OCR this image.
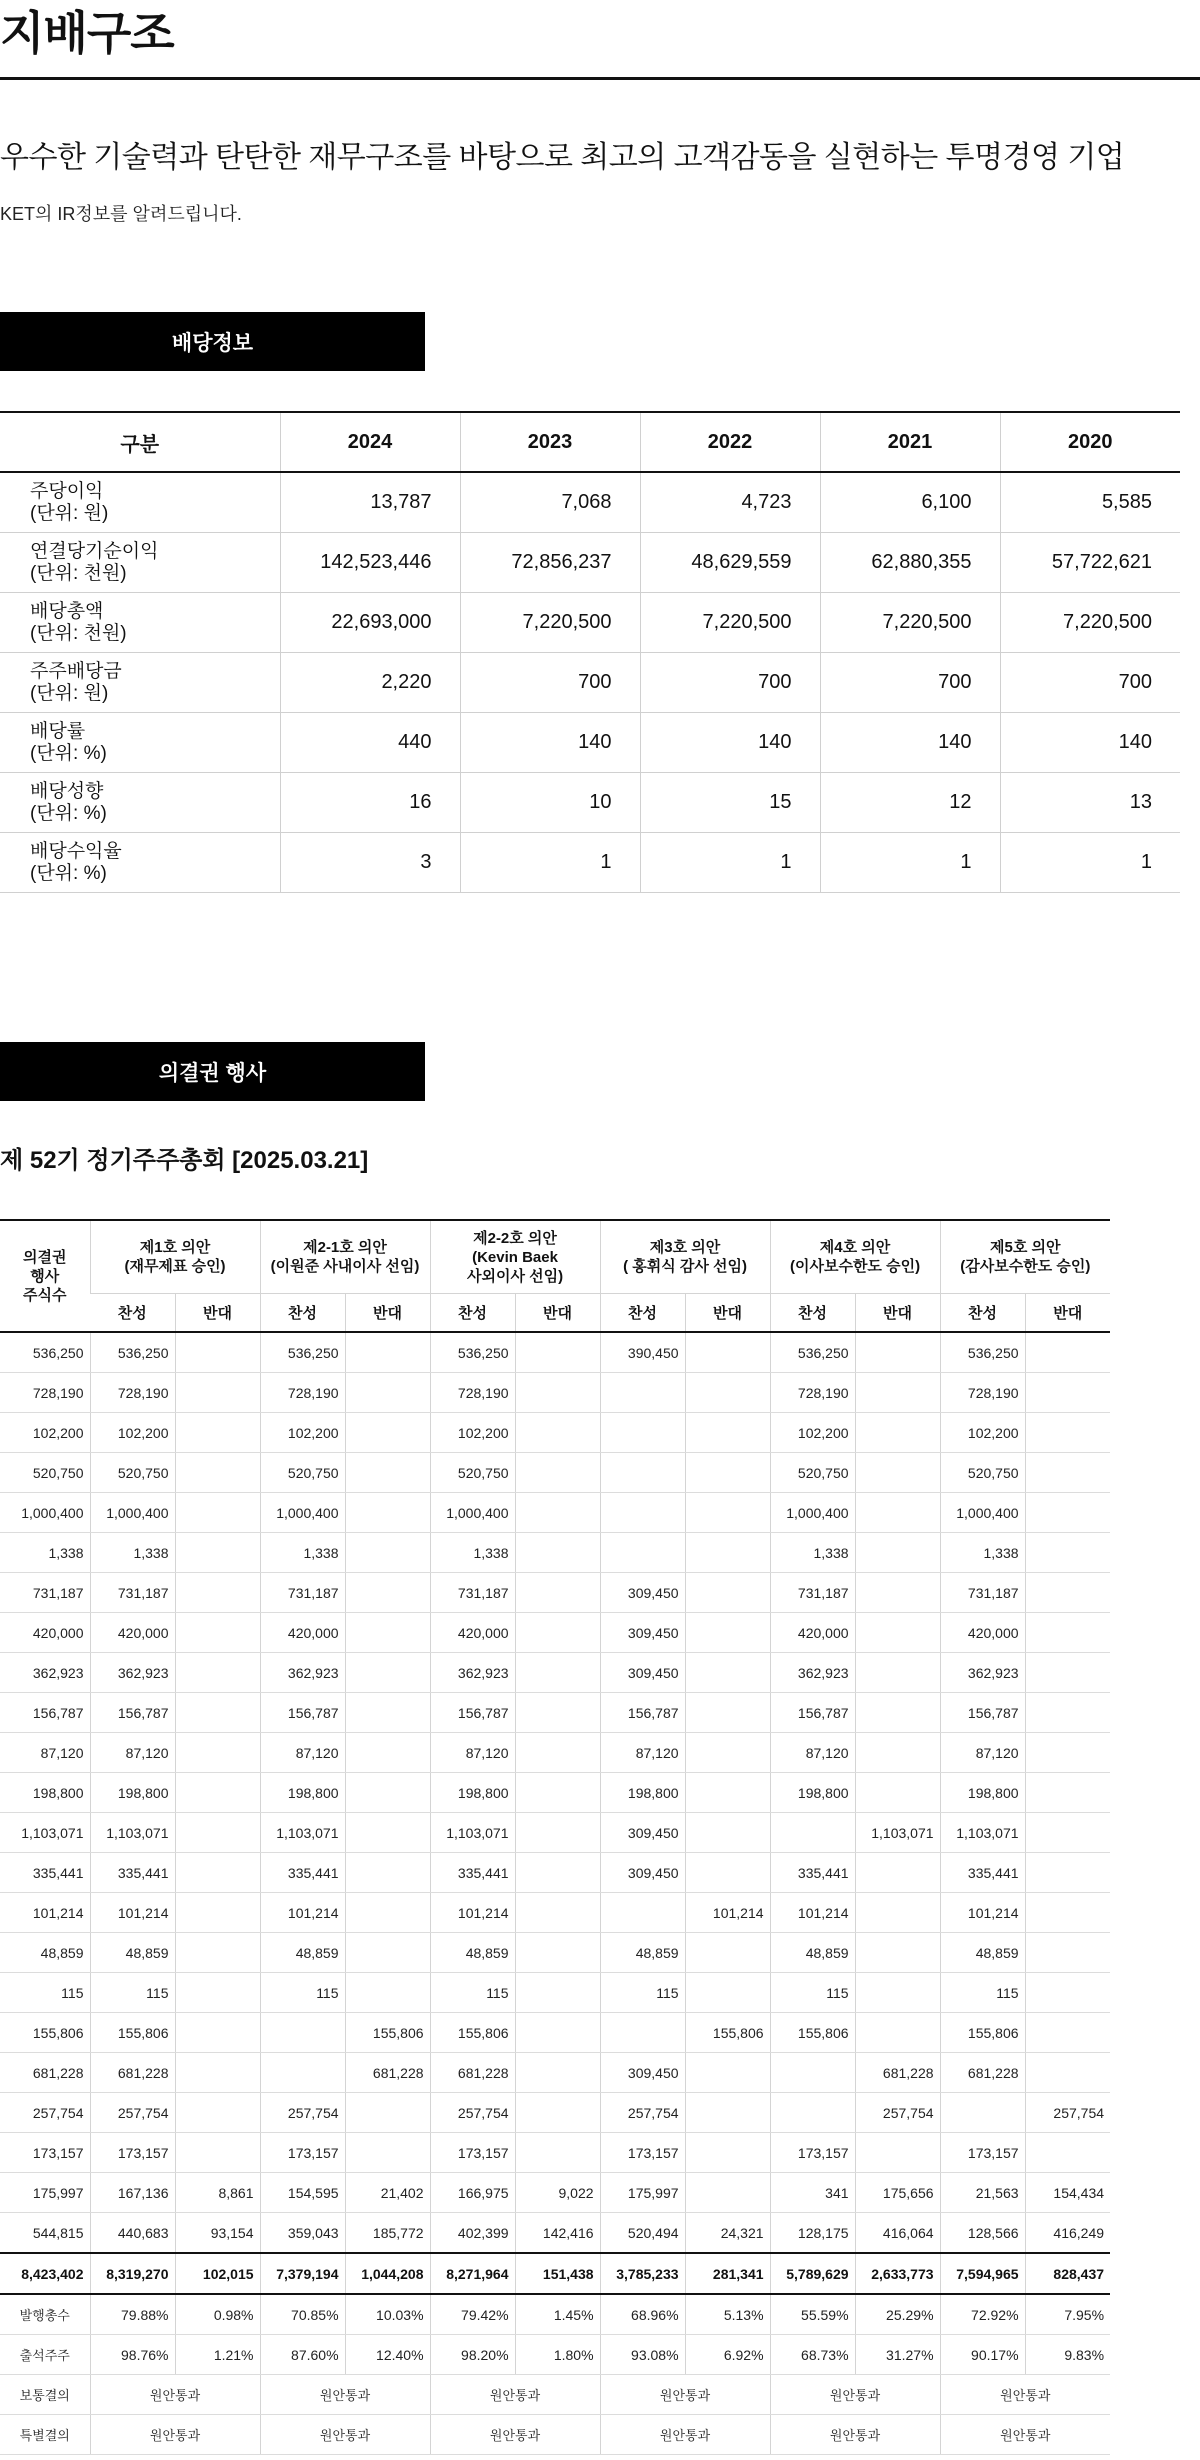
지배구조
우수한 기술력과 탄탄한 재무구조를 바탕으로 최고의 고객감동을 실현하는 투명경영 기업

KET의 IR정보를 알려드립니다.

배당정보
구분	2024	2023	2022	2021	2020

주당이익
(단위: 원)	13,787	7,068	4,723	6,100	5,585

연결당기순이익
(단위: 천원)	142,523,446	72,856,237	48,629,559	62,880,355	57,722,621

배당총액
(단위: 천원)	22,693,000	7,220,500	7,220,500	7,220,500	7,220,500

주주배당금
(단위: 원)	2,220	700	700	700	700

배당률
(단위: %)	440	140	140	140	140

배당성향
(단위: %)	16	10	15	12	13

배당수익율
(단위: %)	3	1	1	1	1
의결권 행사
제 52기 정기주주총회 [2025.03.21]
의결권
행사
주식수	제1호 의안
(재무제표 승인)		제2-1호 의안
(이원준 사내이사 선임)		제2-2호 의안
(Kevin Baek
사외이사 선임)		제3호 의안
( 홍휘식 감사 선임)		제4호 의안
(이사보수한도 승인)		제5호 의안
(감사보수한도 승인)	

	찬성	반대	찬성	반대	찬성	반대	찬성	반대	찬성	반대	찬성	반대
536,250	536,250		536,250		536,250		390,450		536,250		536,250	
728,190	728,190		728,190		728,190				728,190		728,190	
102,200	102,200		102,200		102,200				102,200		102,200	
520,750	520,750		520,750		520,750				520,750		520,750	
1,000,400	1,000,400		1,000,400		1,000,400				1,000,400		1,000,400	
1,338	1,338		1,338		1,338				1,338		1,338	
731,187	731,187		731,187		731,187		309,450		731,187		731,187	
420,000	420,000		420,000		420,000		309,450		420,000		420,000	
362,923	362,923		362,923		362,923		309,450		362,923		362,923	
156,787	156,787		156,787		156,787		156,787		156,787		156,787	
87,120	87,120		87,120		87,120		87,120		87,120		87,120	
198,800	198,800		198,800		198,800		198,800		198,800		198,800	
1,103,071	1,103,071		1,103,071		1,103,071		309,450			1,103,071	1,103,071	
335,441	335,441		335,441		335,441		309,450		335,441		335,441	
101,214	101,214		101,214		101,214			101,214	101,214		101,214	
48,859	48,859		48,859		48,859		48,859		48,859		48,859	
115	115		115		115		115		115		115	
155,806	155,806			155,806	155,806			155,806	155,806		155,806	
681,228	681,228			681,228	681,228		309,450			681,228	681,228	
257,754	257,754		257,754		257,754		257,754			257,754		257,754
173,157	173,157		173,157		173,157		173,157		173,157		173,157	
175,997	167,136	8,861	154,595	21,402	166,975	9,022	175,997		341	175,656	21,563	154,434
544,815	440,683	93,154	359,043	185,772	402,399	142,416	520,494	24,321	128,175	416,064	128,566	416,249
8,423,402	8,319,270	102,015	7,379,194	1,044,208	8,271,964	151,438	3,785,233	281,341	5,789,629	2,633,773	7,594,965	828,437
발행총수	79.88%	0.98%	70.85%	10.03%	79.42%	1.45%	68.96%	5.13%	55.59%	25.29%	72.92%	7.95%
출석주주	98.76%	1.21%	87.60%	12.40%	98.20%	1.80%	93.08%	6.92%	68.73%	31.27%	90.17%	9.83%
보통결의	원안통과		원안통과		원안통과		원안통과		원안통과		원안통과	
특별결의	원안통과		원안통과		원안통과		원안통과		원안통과		원안통과	
